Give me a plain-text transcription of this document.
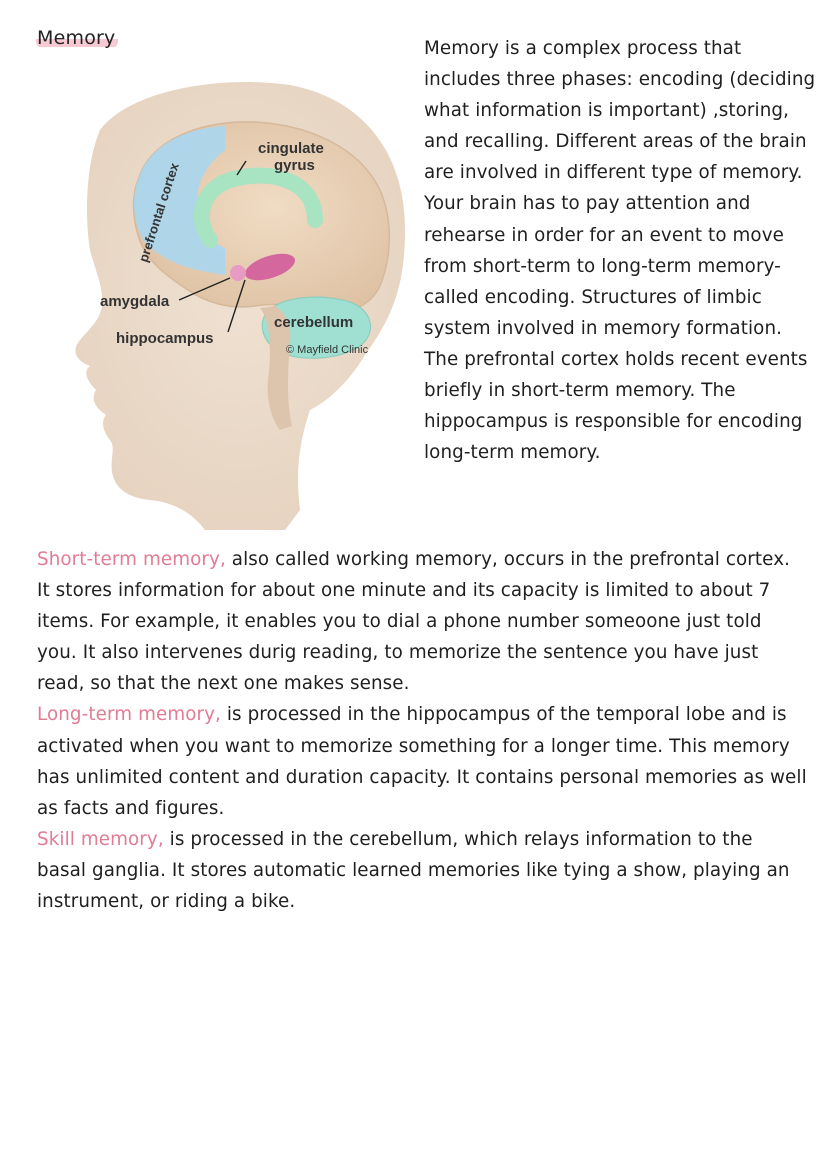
Memory
prefrontal cortex
cingulate
gyrus
amygdala
hippocampus
cerebellum
© Mayfield Clinic

Memory is a complex process that includes three phases: encoding (deciding what information is important) ,storing, and recalling. Different areas of the brain are involved in different type of memory. Your brain has to pay attention and rehearse in order for an event to move from short-term to long-term memory-called encoding. Structures of limbic system involved in memory formation. The prefrontal cortex holds recent events briefly in short-term memory. The hippocampus is responsible for encoding long-term memory.

Short-term memory, also called working memory, occurs in the prefrontal cortex. It stores information for about one minute and its capacity is limited to about 7 items. For example, it enables you to dial a phone number someoone just told you. It also intervenes durig reading, to memorize the sentence you have just read, so that the next one makes sense.

Long-term memory, is processed in the hippocampus of the temporal lobe and is activated when you want to memorize something for a longer time. This memory has unlimited content and duration capacity. It contains personal memories as well as facts and figures.

Skill memory, is processed in the cerebellum, which relays information to the basal ganglia. It stores automatic learned memories like tying a show, playing an instrument, or riding a bike.
